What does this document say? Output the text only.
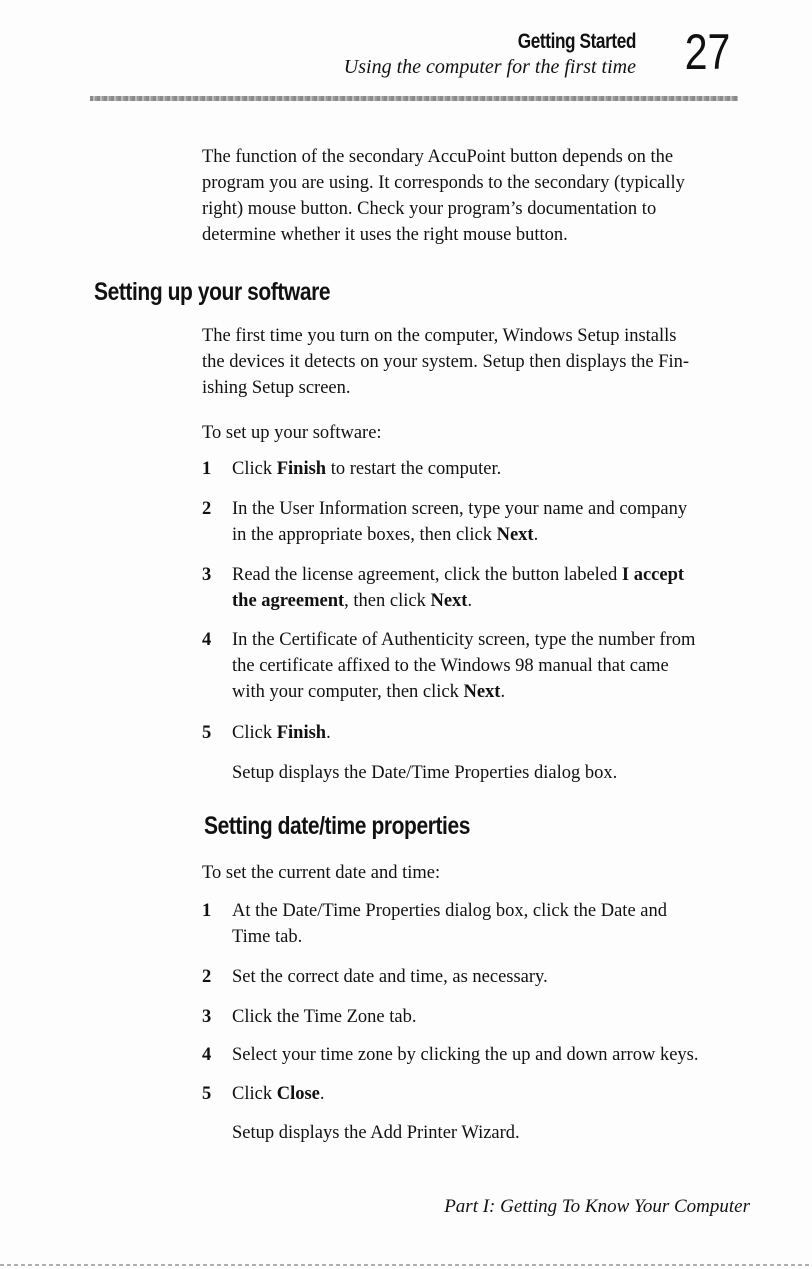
Getting Started
Using the computer for the first time 27

The function of the secondary AccuPoint button depends on the

program you are using. It corresponds to the secondary (typically

right) mouse button. Check your program’s documentation to

determine whether it uses the right mouse button.

Setting up your software

The first time you turn on the computer, Windows Setup installs

the devices it detects on your system. Setup then displays the Fin-

ishing Setup screen.

To set up your software:
1	Click Finish to restart the computer.
2	In the User Information screen, type your name and company

in the appropriate boxes, then click Next.

3	Read the license agreement, click the button labeled I accept

the agreement, then click Next.

4	In the Certificate of Authenticity screen, type the number from

the certificate affixed to the Windows 98 manual that came

with your computer, then click Next.

5	Click Finish.
Setup displays the Date/Time Properties dialog box.
Setting date/time properties
To set the current date and time:
1	At the Date/Time Properties dialog box, click the Date and

Time tab.

2	Set the correct date and time, as necessary.
3	Click the Time Zone tab.
4	Select your time zone by clicking the up and down arrow keys.
5	Click Close.
Setup displays the Add Printer Wizard.
Part I: Getting To Know Your Computer
